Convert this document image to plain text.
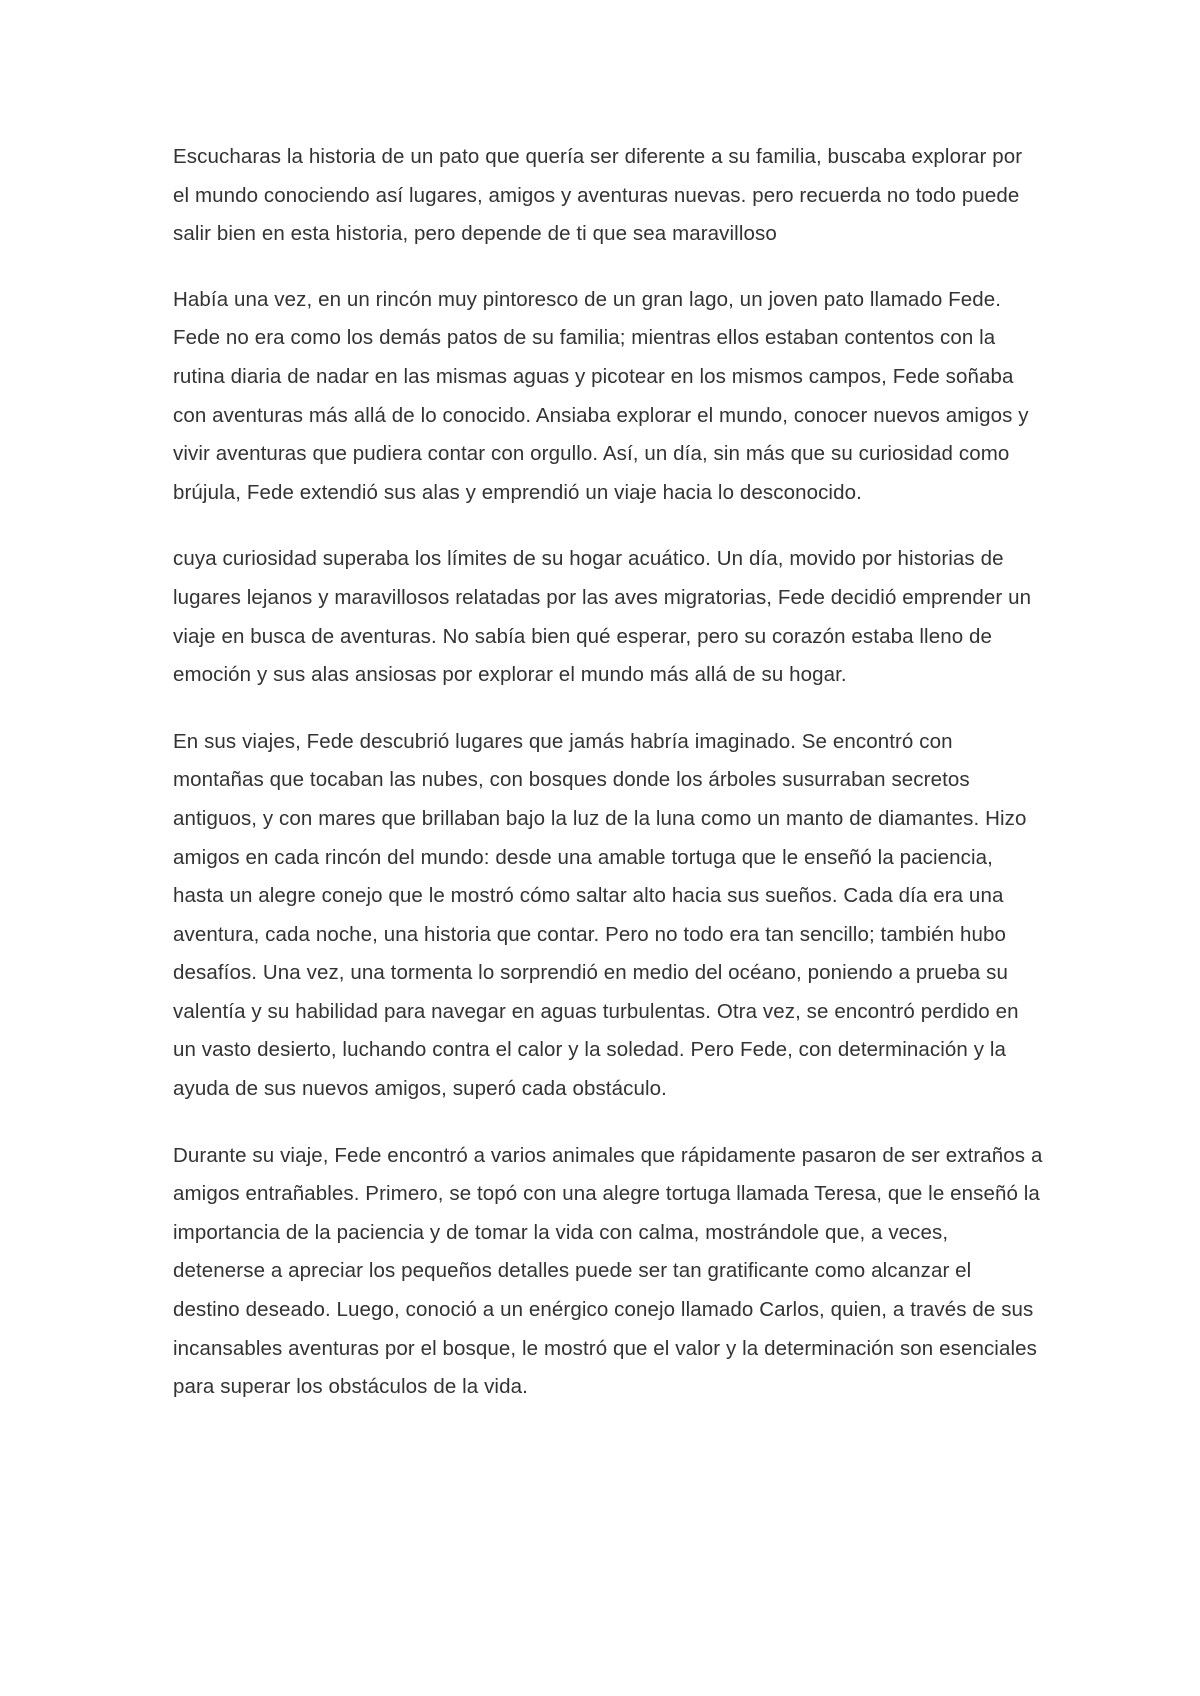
Escucharas la historia de un pato que quería ser diferente a su familia, buscaba explorar por el mundo conociendo así lugares, amigos y aventuras nuevas. pero recuerda no todo puede salir bien en esta historia, pero depende de ti que sea maravilloso

Había una vez, en un rincón muy pintoresco de un gran lago, un joven pato llamado Fede. Fede no era como los demás patos de su familia; mientras ellos estaban contentos con la rutina diaria de nadar en las mismas aguas y picotear en los mismos campos, Fede soñaba con aventuras más allá de lo conocido. Ansiaba explorar el mundo, conocer nuevos amigos y vivir aventuras que pudiera contar con orgullo. Así, un día, sin más que su curiosidad como brújula, Fede extendió sus alas y emprendió un viaje hacia lo desconocido.

cuya curiosidad superaba los límites de su hogar acuático. Un día, movido por historias de lugares lejanos y maravillosos relatadas por las aves migratorias, Fede decidió emprender un viaje en busca de aventuras. No sabía bien qué esperar, pero su corazón estaba lleno de emoción y sus alas ansiosas por explorar el mundo más allá de su hogar.

En sus viajes, Fede descubrió lugares que jamás habría imaginado. Se encontró con montañas que tocaban las nubes, con bosques donde los árboles susurraban secretos antiguos, y con mares que brillaban bajo la luz de la luna como un manto de diamantes. Hizo amigos en cada rincón del mundo: desde una amable tortuga que le enseñó la paciencia, hasta un alegre conejo que le mostró cómo saltar alto hacia sus sueños. Cada día era una aventura, cada noche, una historia que contar. Pero no todo era tan sencillo; también hubo desafíos. Una vez, una tormenta lo sorprendió en medio del océano, poniendo a prueba su valentía y su habilidad para navegar en aguas turbulentas. Otra vez, se encontró perdido en un vasto desierto, luchando contra el calor y la soledad. Pero Fede, con determinación y la ayuda de sus nuevos amigos, superó cada obstáculo.

Durante su viaje, Fede encontró a varios animales que rápidamente pasaron de ser extraños a amigos entrañables. Primero, se topó con una alegre tortuga llamada Teresa, que le enseñó la importancia de la paciencia y de tomar la vida con calma, mostrándole que, a veces, detenerse a apreciar los pequeños detalles puede ser tan gratificante como alcanzar el destino deseado. Luego, conoció a un enérgico conejo llamado Carlos, quien, a través de sus incansables aventuras por el bosque, le mostró que el valor y la determinación son esenciales para superar los obstáculos de la vida.
